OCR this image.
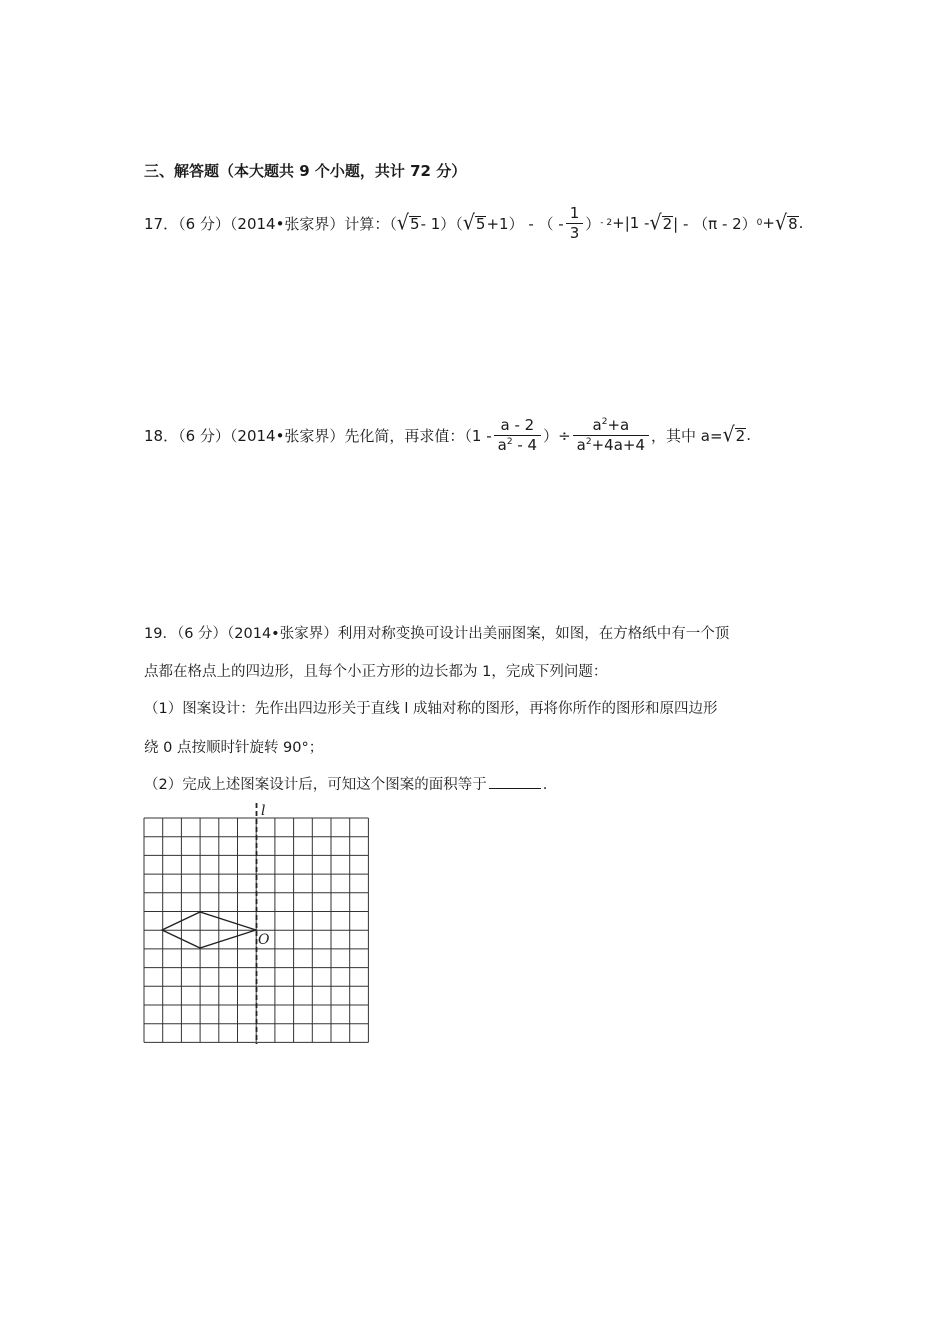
三、解答题（本大题共 9 个小题，共计 72 分）
17．（6 分）（2014•张家界）计算：（ √ 5 - 1）（ √ 5 +1） - （ - $\frac{1}{3}$ ） - 2 +|1 - √ 2 | - （π - 2） 0 + √ 8 .
18．（6 分）（2014•张家界）先化简，再求值：（$1 - \frac{a - 2}{a^2 - 4}$ ）÷ $\frac{a^2+a}{a^2+4a+4}$ ，其中 a= √ 2 .
19．（6 分）（2014•张家界）利用对称变换可设计出美丽图案，如图，在方格纸中有一个顶
点都在格点上的四边形，且每个小正方形的边长都为 1，完成下列问题：
（1）图案设计：先作出四边形关于直线 l 成轴对称的图形，再将你所作的图形和原四边形
绕 0 点按顺时针旋转 90°；
（2）完成上述图案设计后，可知这个图案的面积等于	.
l
O
